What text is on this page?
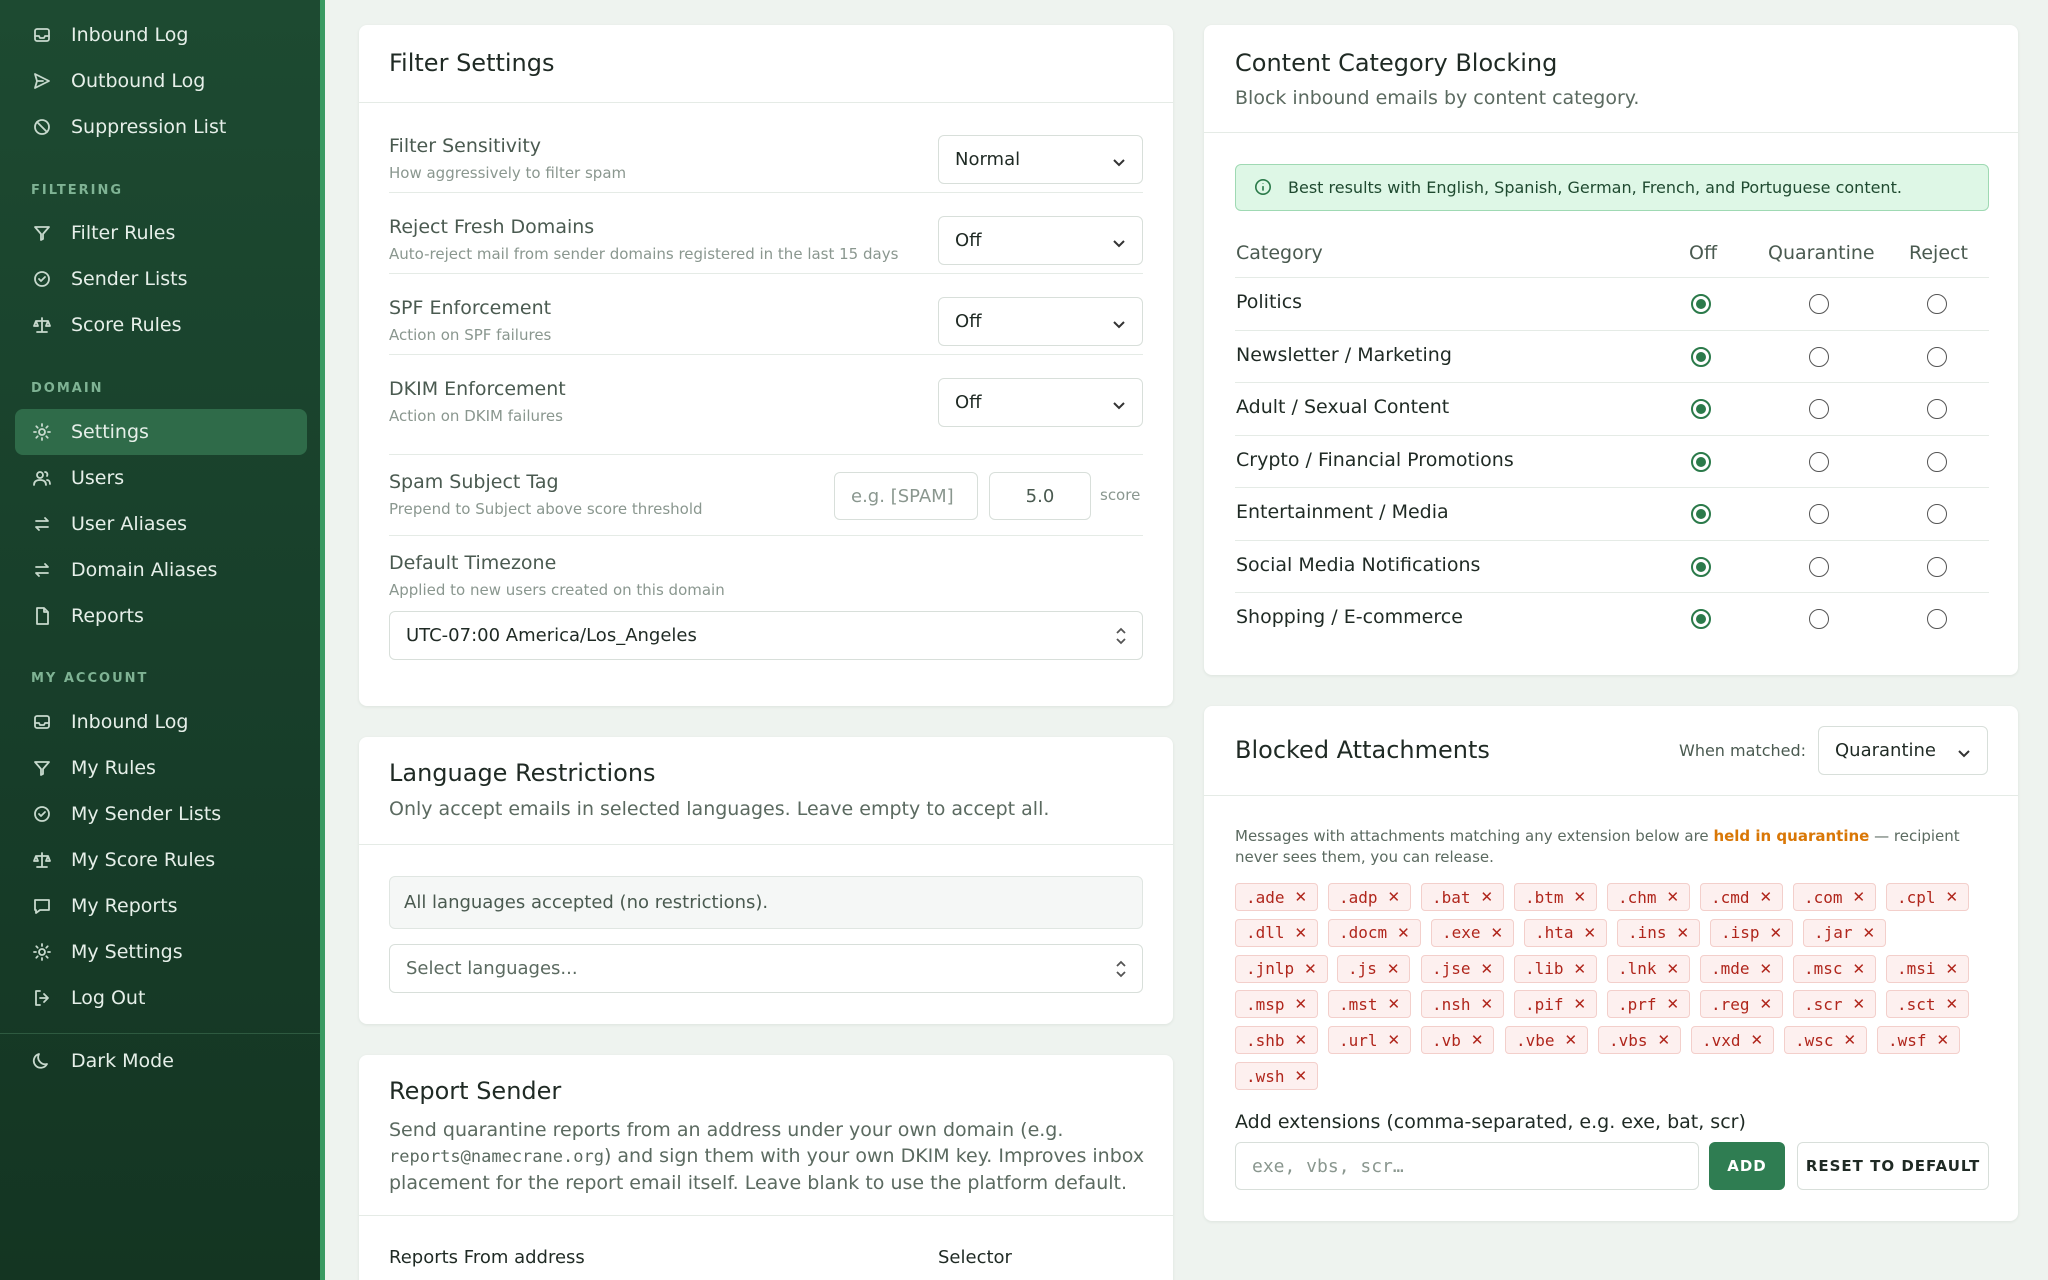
Inbound Log
Outbound Log
Suppression List
Filter Rules
Sender Lists
Score Rules
Settings
Users
User Aliases
Domain Aliases
Reports
Inbound Log
My Rules
My Sender Lists
My Score Rules
My Reports
My Settings
Log Out
Dark Mode
FILTERING
DOMAIN
MY ACCOUNT
Filter Settings
Filter Sensitivity
How aggressively to filter spam
Normal
Reject Fresh Domains
Auto-reject mail from sender domains registered in the last 15 days
Off
SPF Enforcement
Action on SPF failures
Off
DKIM Enforcement
Action on DKIM failures
Off
Spam Subject Tag
Prepend to Subject above score threshold
e.g. [SPAM]	5.0	score
Default Timezone
Applied to new users created on this domain
UTC-07:00 America/Los_Angeles
Language Restrictions
Only accept emails in selected languages. Leave empty to accept all.
All languages accepted (no restrictions).
Select languages...
Report Sender
Send quarantine reports from an address under your own domain (e.g.
reports@namecrane.org) and sign them with your own DKIM key. Improves inbox
placement for the report email itself. Leave blank to use the platform default.
Reports From address	Selector
Content Category Blocking
Block inbound emails by content category.
Best results with English, Spanish, German, French, and Portuguese content.
Category	Off	Quarantine Reject
Politics
Newsletter / Marketing
Adult / Sexual Content
Crypto / Financial Promotions
Entertainment / Media
Social Media Notifications
Shopping / E-commerce
Blocked Attachments	When matched: Quarantine
Messages with attachments matching any extension below are held in quarantine — recipient
never sees them, you can release.
Add extensions (comma-separated, e.g. exe, bat, scr)
exe, vbs, scr…
.ade ✕ .adp ✕ .bat ✕ .btm ✕ .chm ✕ .cmd ✕ .com ✕ .cpl ✕
.dll ✕ .docm ✕ .exe ✕ .hta ✕ .ins ✕ .isp ✕ .jar ✕
.jnlp ✕ .js ✕ .jse ✕ .lib ✕ .lnk ✕ .mde ✕ .msc ✕ .msi ✕
.msp ✕ .mst ✕ .nsh ✕ .pif ✕ .prf ✕ .reg ✕ .scr ✕ .sct ✕
.shb ✕ .url ✕ .vb ✕ .vbe ✕ .vbs ✕ .vxd ✕ .wsc ✕ .wsf ✕
.wsh ✕
ADD	RESET TO DEFAULT
